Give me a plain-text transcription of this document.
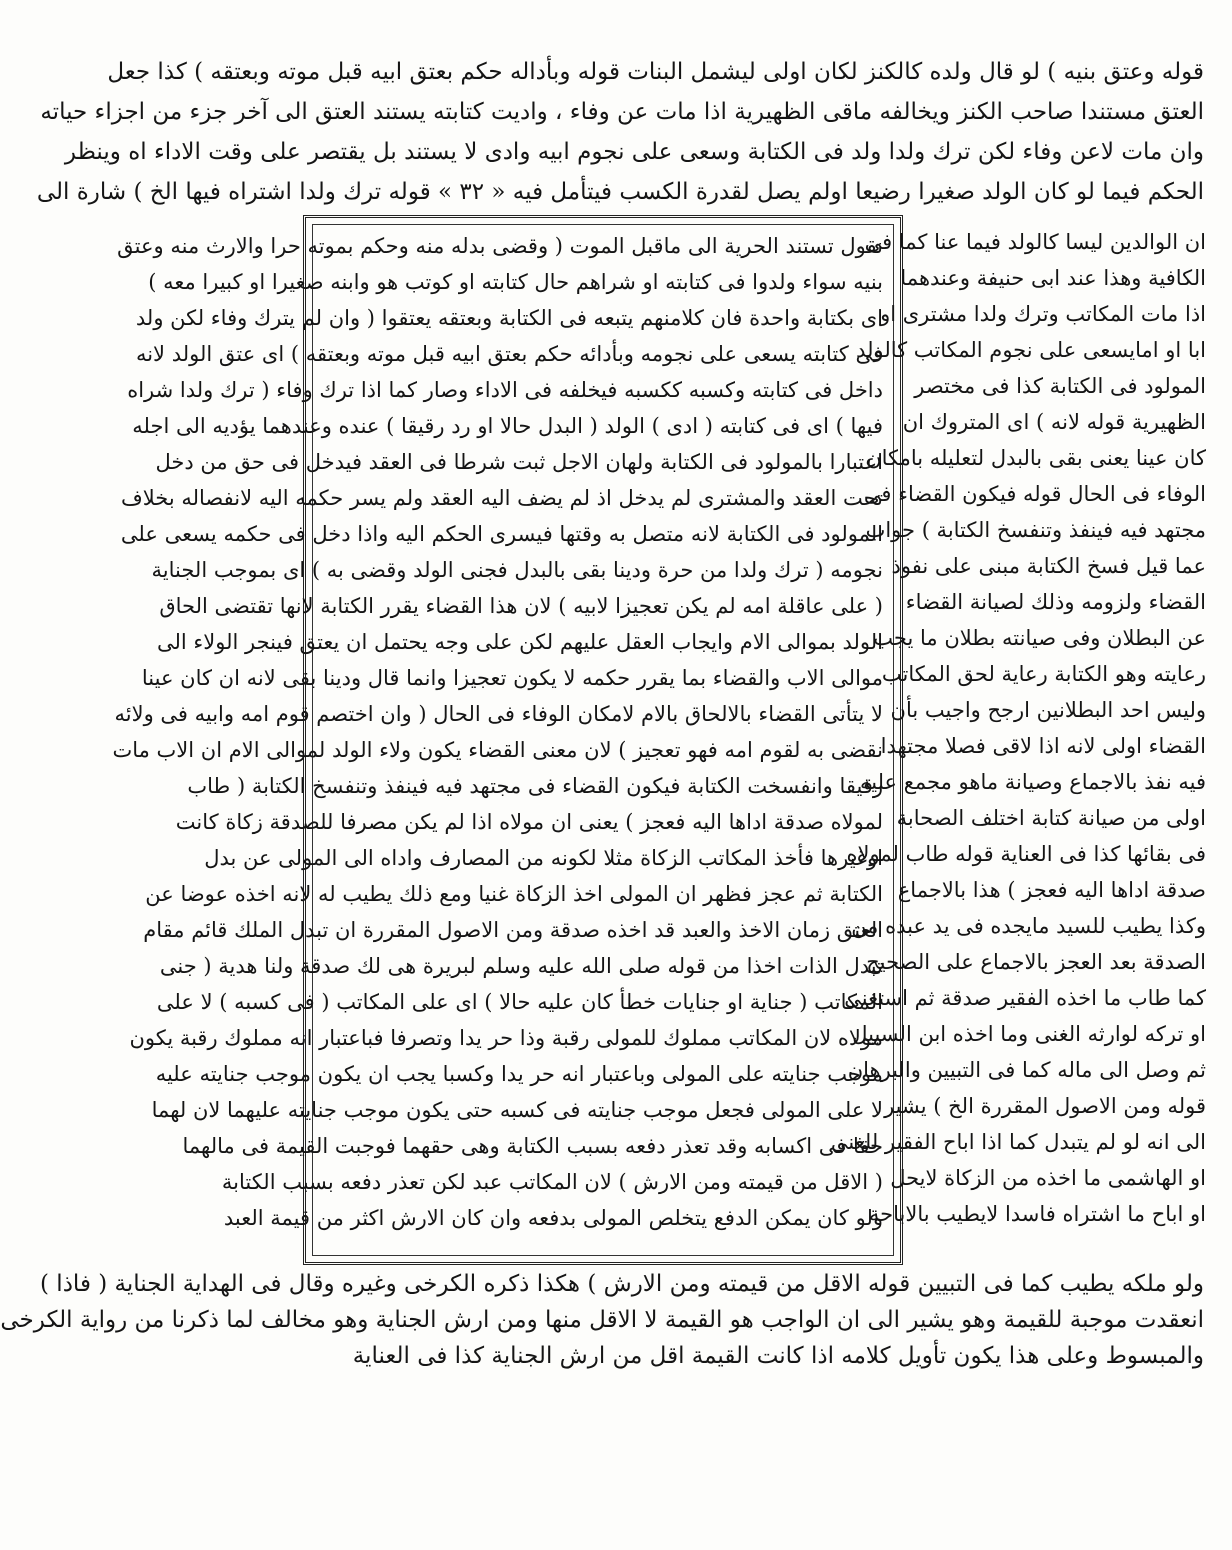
قوله وعتق بنيه ) لو قال ولده كالكنز لكان اولی لیشمل البنات قوله وبأداله حكم بعتق ابیه قبل موته وبعتقه ) كذا جعل
العتق مستندا صاحب الكنز ويخالفه ماقى الظهيرية اذا مات عن وفاء ، واديت كتابته يستند العتق الى آخر جزء من اجزاء حياته
وان مات لاعن وفاء لكن ترك ولدا ولد فى الكتابة وسعى على نجوم ابيه وادى لا يستند بل يقتصر على وقت الاداء اه وينظر
الحكم فيما لو كان الولد صغيرا رضيعا اولم يصل لقدرة الكسب فيتأمل فيه « ٣٢ » قوله ترك ولدا اشتراه فيها الخ ) شارة الى
نقول تستند الحرية الى ماقبل الموت ( وقضى بدله منه وحكم بموته حرا والارث منه وعتق
بنيه سواء ولدوا فى كتابته او شراهم حال كتابته او كوتب هو وابنه صغيرا او كبيرا معه )
اى بكتابة واحدة فان كلامنهم يتبعه فى الكتابة وبعتقه يعتقوا ( وان لم يترك وفاء لكن ولد
فى كتابته يسعى على نجومه وبأدائه حكم بعتق ابيه قبل موته وبعتقه ) اى عتق الولد لانه
داخل فى كتابته وكسبه ككسبه فيخلفه فى الاداء وصار كما اذا ترك وفاء ( ترك ولدا شراه
فيها ) اى فى كتابته ( ادى ) الولد ( البدل حالا او رد رقيقا ) عنده وعندهما يؤديه الى اجله
اعتبارا بالمولود فى الكتابة ولهان الاجل ثبت شرطا فى العقد فيدخل فى حق من دخل
تحت العقد والمشترى لم يدخل اذ لم يضف اليه العقد ولم يسر حكمه اليه لانفصاله بخلاف
المولود فى الكتابة لانه متصل به وقتها فيسرى الحكم اليه واذا دخل فى حكمه يسعى على
نجومه ( ترك ولدا من حرة ودينا بقى بالبدل فجنى الولد وقضى به ) اى بموجب الجناية
( على عاقلة امه لم يكن تعجيزا لابيه ) لان هذا القضاء يقرر الكتابة لانها تقتضى الحاق
الولد بموالى الام وايجاب العقل عليهم لكن على وجه يحتمل ان يعتق فينجر الولاء الى
موالى الاب والقضاء بما يقرر حكمه لا يكون تعجيزا وانما قال ودينا بقى لانه ان كان عينا
لا يتأتى القضاء بالالحاق بالام لامكان الوفاء فى الحال ( وان اختصم قوم امه وابيه فى ولائه
نقضى به لقوم امه فهو تعجيز ) لان معنى القضاء يكون ولاء الولد لموالى الام ان الاب مات
رقيقا وانفسخت الكتابة فيكون القضاء فى مجتهد فيه فينفذ وتنفسخ الكتابة ( طاب
لمولاه صدقة اداها اليه فعجز ) يعنى ان مولاه اذا لم يكن مصرفا للصدقة زكاة كانت
اوغيرها فأخذ المكاتب الزكاة مثلا لكونه من المصارف واداه الى المولى عن بدل
الكتابة ثم عجز فظهر ان المولى اخذ الزكاة غنيا ومع ذلك يطيب له لانه اخذه عوضا عن
العتق زمان الاخذ والعبد قد اخذه صدقة ومن الاصول المقررة ان تبدل الملك قائم مقام
تبدل الذات اخذا من قوله صلى الله عليه وسلم لبريرة هى لك صدقة ولنا هدية ( جنى
المكاتب ( جناية او جنايات خطأ كان عليه حالا ) اى على المكاتب ( فى كسبه ) لا على
مولاه لان المكاتب مملوك للمولى رقبة وذا حر يدا وتصرفا فباعتبار انه مملوك رقبة يكون
موجب جنايته على المولى وباعتبار انه حر يدا وكسبا يجب ان يكون موجب جنايته عليه
لا على المولى فجعل موجب جنايته فى كسبه حتى يكون موجب جنايته عليهما لان لهما
حقا فى اكسابه وقد تعذر دفعه بسبب الكتابة وهى حقهما فوجبت القيمة فى مالهما
( الاقل من قيمته ومن الارش ) لان المكاتب عبد لكن تعذر دفعه بسبب الكتابة
ولو كان يمكن الدفع يتخلص المولى بدفعه وان كان الارش اكثر من قيمة العبد
ان الوالدين ليسا كالولد فيما عنا كما فى
الكافية وهذا عند ابى حنيفة وعندهما
اذا مات المكاتب وترك ولدا مشترى او
ابا او امايسعى على نجوم المكاتب كالولد
المولود فى الكتابة كذا فى مختصر
الظهيرية قوله لانه ) اى المتروك ان
كان عينا يعنى بقى بالبدل لتعليله بامكان
الوفاء فى الحال قوله فيكون القضاء فى
مجتهد فيه فينفذ وتنفسخ الكتابة ) جواب
عما قيل فسخ الكتابة مبنى على نفوذ
القضاء ولزومه وذلك لصيانة القضاء
عن البطلان وفى صيانته بطلان ما يجب
رعايته وهو الكتابة رعاية لحق المكاتب
وليس احد البطلانين ارجح واجيب بأن
القضاء اولى لانه اذا لاقى فصلا مجتهدا
فيه نفذ بالاجماع وصيانة ماهو مجمع عليه
اولى من صيانة كتابة اختلف الصحابة
فى بقائها كذا فى العناية قوله طاب لمولاه
صدقة اداها اليه فعجز ) هذا بالاجماع
وكذا يطيب للسيد مايجده فى يد عبده من
الصدقة بعد العجز بالاجماع على الصحيح
كما طاب ما اخذه الفقير صدقة ثم استغنى
او تركه لوارثه الغنى وما اخذه ابن السبيل
ثم وصل الى ماله كما فى التبيين والبرهان
قوله ومن الاصول المقررة الخ ) يشير
الى انه لو لم يتبدل كما اذا اباح الفقير للغنى
او الهاشمى ما اخذه من الزكاة لايحل
او اباح ما اشتراه فاسدا لايطيب بالاباحة
ولو ملكه يطيب كما فى التبيين قوله الاقل من قيمته ومن الارش ) هكذا ذكره الكرخى وغيره وقال فى الهداية الجناية ( فاذا )
انعقدت موجبة للقيمة وهو يشير الى ان الواجب هو القيمة لا الاقل منها ومن ارش الجناية وهو مخالف لما ذكرنا من رواية الكرخى
والمبسوط وعلى هذا يكون تأويل كلامه اذا كانت القيمة اقل من ارش الجناية كذا فى العناية
